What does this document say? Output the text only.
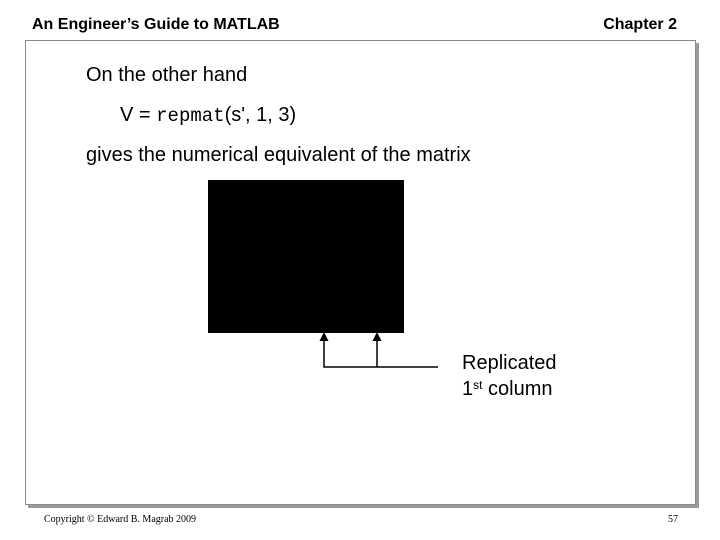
An Engineer’s Guide to MATLAB	Chapter 2
On the other hand
V = repmat(s', 1, 3)
gives the numerical equivalent of the matrix
Replicated
1st column
Copyright © Edward B. Magrab 2009	57
